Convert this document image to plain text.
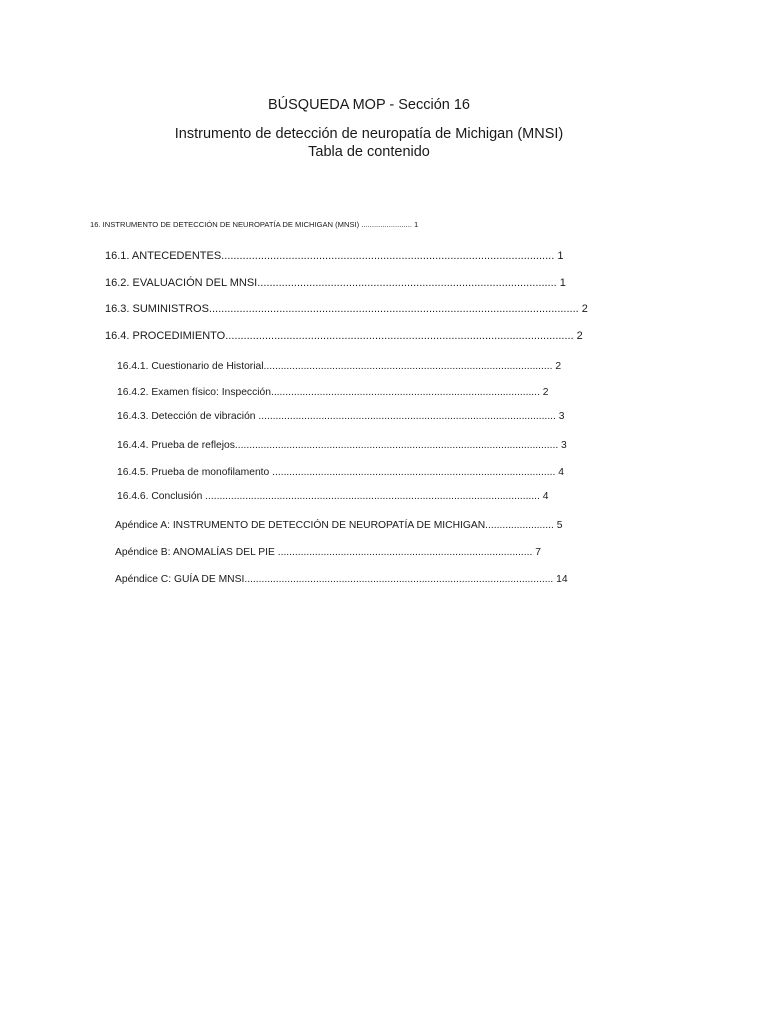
BÚSQUEDA MOP - Sección 16
Instrumento de detección de neuropatía de Michigan (MNSI)
Tabla de contenido
16. INSTRUMENTO DE DETECCIÓN DE NEUROPATÍA DE MICHIGAN (MNSI) ........................ 1
16.1. ANTECEDENTES............................................................................................................. 1
16.2. EVALUACIÓN DEL MNSI.................................................................................................. 1
16.3. SUMINISTROS......................................................................................................................... 2
16.4. PROCEDIMIENTO.................................................................................................................. 2
16.4.1. Cuestionario de Historial..................................................................................................... 2
16.4.2. Examen físico: Inspección.............................................................................................. 2
16.4.3. Detección de vibración ........................................................................................................ 3
16.4.4. Prueba de reflejos................................................................................................................. 3
16.4.5. Prueba de monofilamento ................................................................................................... 4
16.4.6. Conclusión ..................................................................................................................... 4
Apéndice A: INSTRUMENTO DE DETECCIÓN DE NEUROPATÍA DE MICHIGAN........................ 5
Apéndice B: ANOMALÍAS DEL PIE ......................................................................................... 7
Apéndice C: GUÍA DE MNSI............................................................................................................ 14
